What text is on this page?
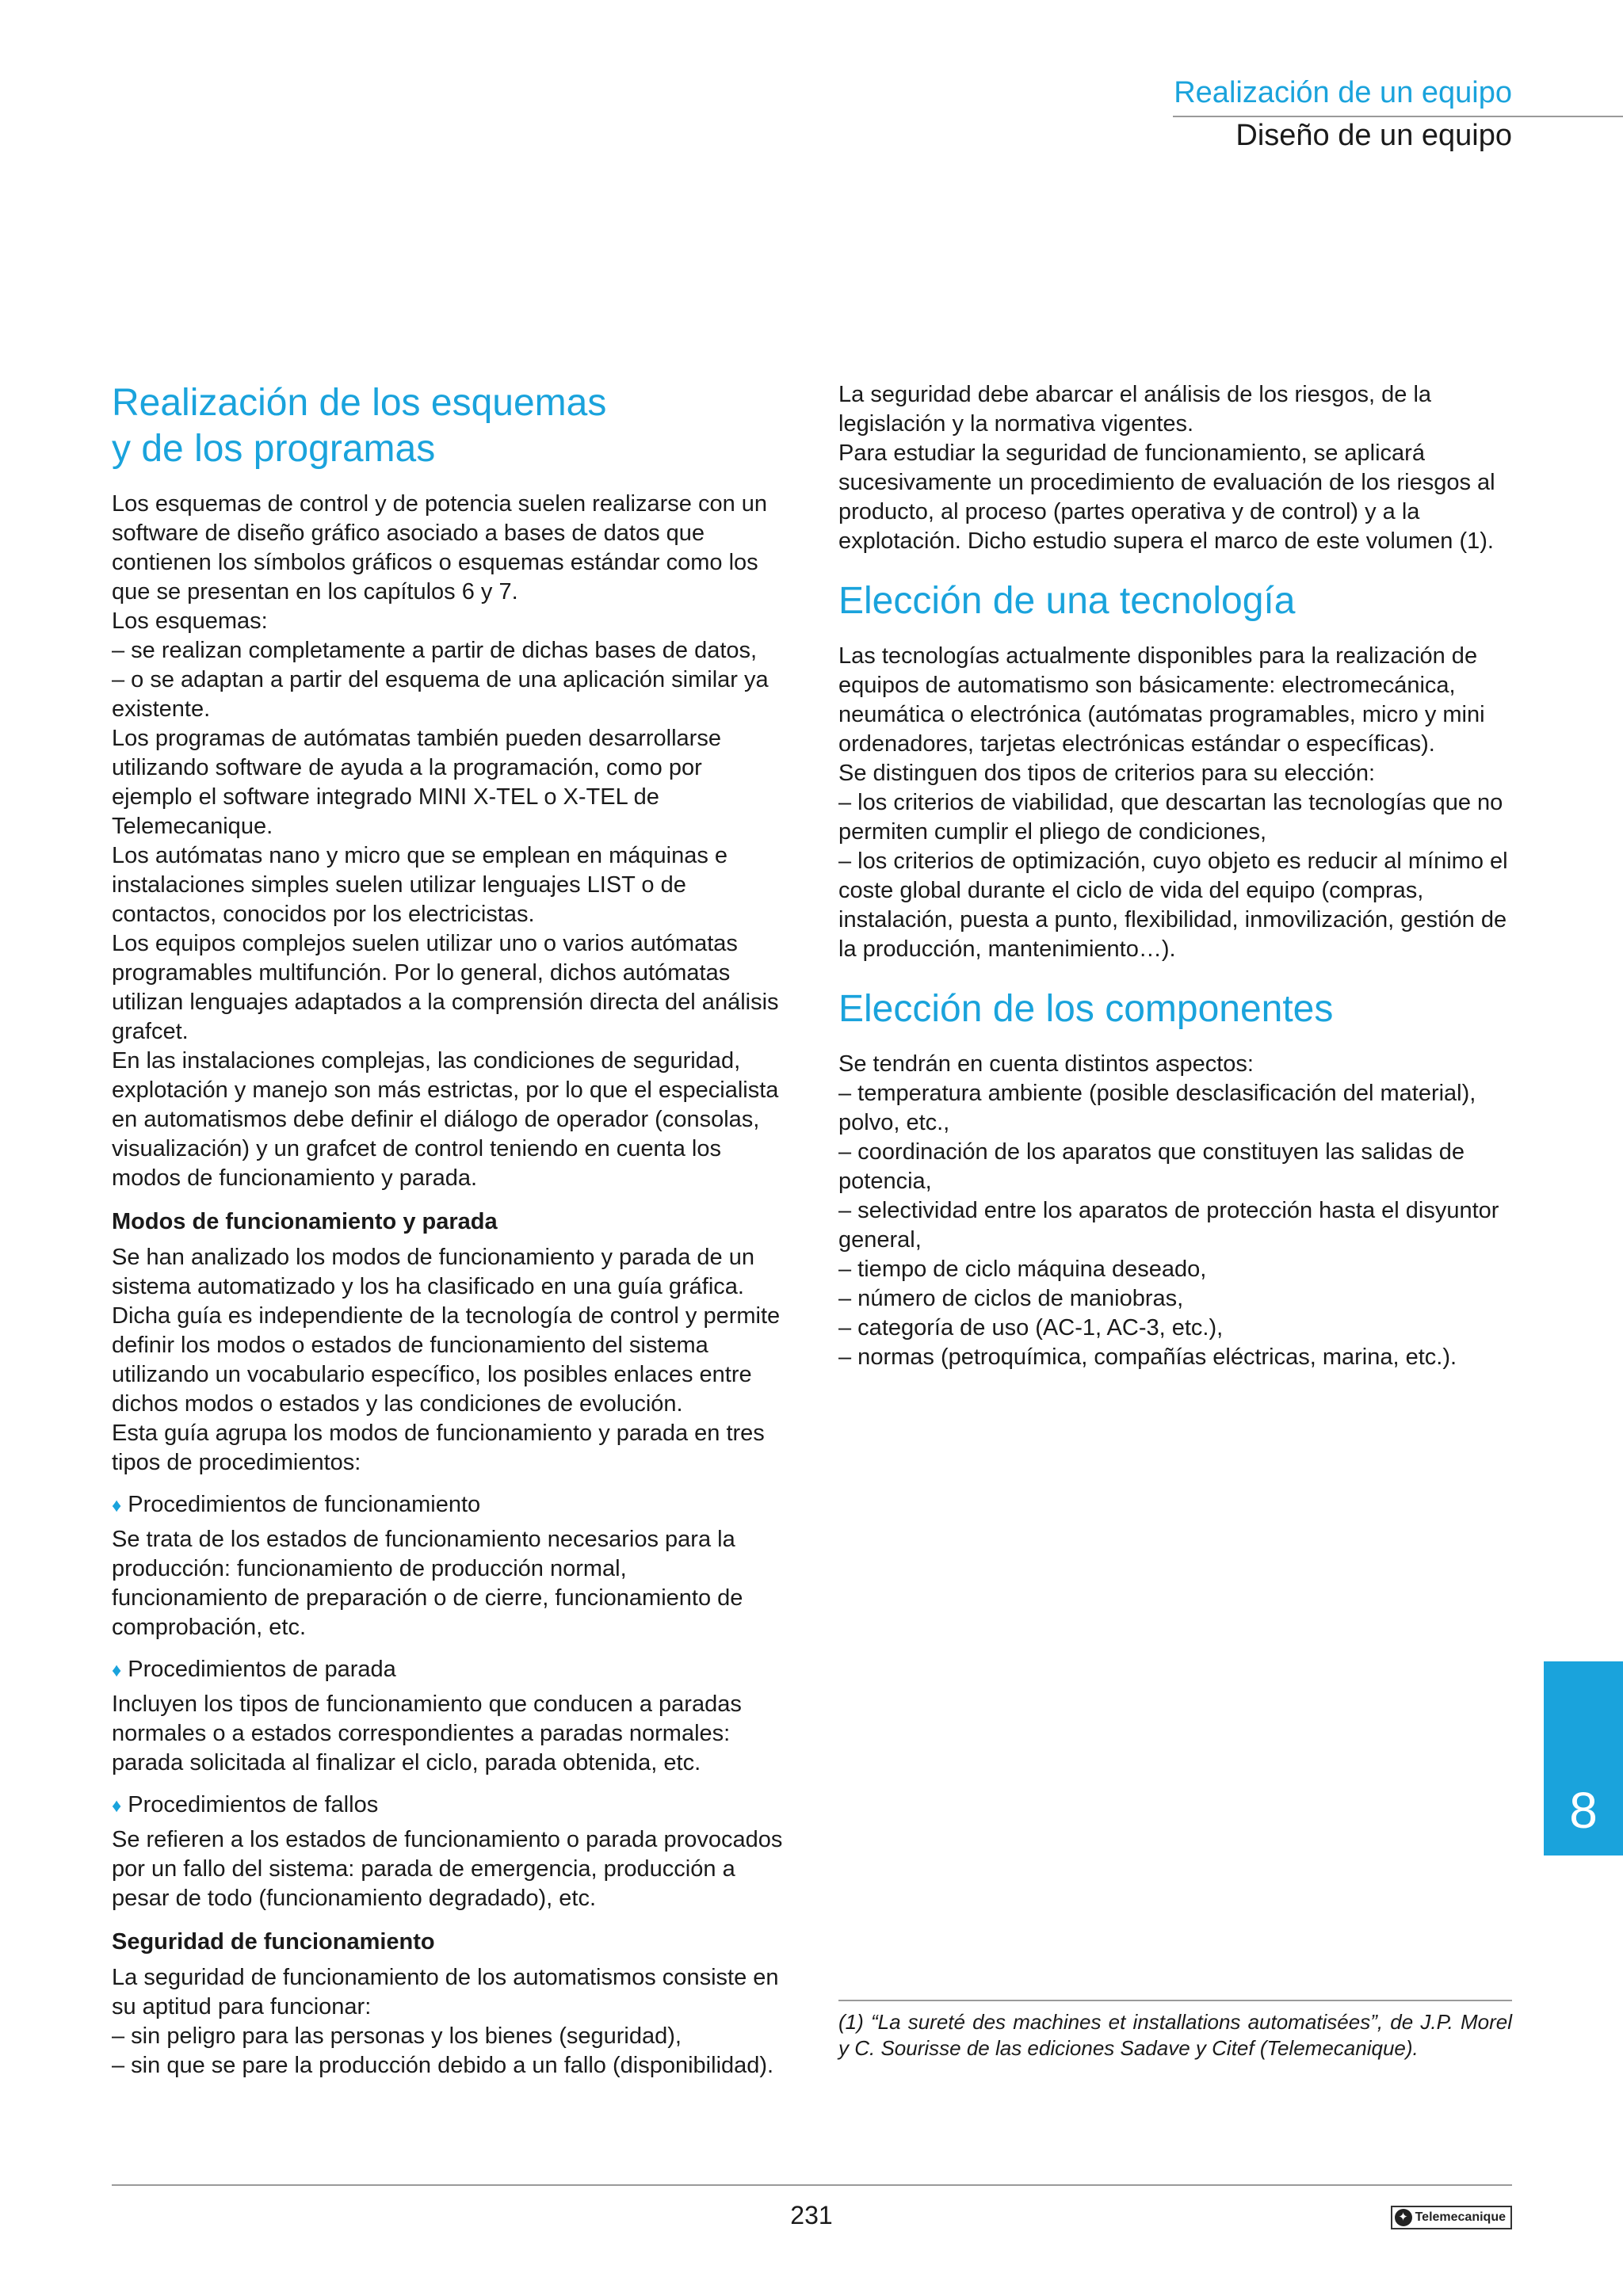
Realización de un equipo
Diseño de un equipo
Realización de los esquemas
y de los programas

Los esquemas de control y de potencia suelen realizarse con un software de diseño gráfico asociado a bases de datos que contienen los símbolos gráficos o esquemas estándar como los que se presentan en los capítulos 6 y 7.

Los esquemas:

– se realizan completamente a partir de dichas bases de datos,

– o se adaptan a partir del esquema de una aplicación similar ya existente.

Los programas de autómatas también pueden desarrollarse utilizando software de ayuda a la programación, como por ejemplo el software integrado MINI X-TEL o X-TEL de Telemecanique.

Los autómatas nano y micro que se emplean en máquinas e instalaciones simples suelen utilizar lenguajes LIST o de contactos, conocidos por los electricistas.

Los equipos complejos suelen utilizar uno o varios autómatas programables multifunción. Por lo general, dichos autómatas utilizan lenguajes adaptados a la comprensión directa del análisis grafcet.

En las instalaciones complejas, las condiciones de seguridad, explotación y manejo son más estrictas, por lo que el especialista en automatismos debe definir el diálogo de operador (consolas, visualización) y un grafcet de control teniendo en cuenta los modos de funcionamiento y parada.

Modos de funcionamiento y parada

Se han analizado los modos de funcionamiento y parada de un sistema automatizado y los ha clasificado en una guía gráfica. Dicha guía es independiente de la tecnología de control y permite definir los modos o estados de funcionamiento del sistema utilizando un vocabulario específico, los posibles enlaces entre dichos modos o estados y las condiciones de evolución.

Esta guía agrupa los modos de funcionamiento y parada en tres tipos de procedimientos:

♦ Procedimientos de funcionamiento

Se trata de los estados de funcionamiento necesarios para la producción: funcionamiento de producción normal, funcionamiento de preparación o de cierre, funcionamiento de comprobación, etc.

♦ Procedimientos de parada

Incluyen los tipos de funcionamiento que conducen a paradas normales o a estados correspondientes a paradas normales: parada solicitada al finalizar el ciclo, parada obtenida, etc.

♦ Procedimientos de fallos

Se refieren a los estados de funcionamiento o parada provocados por un fallo del sistema: parada de emergencia, producción a pesar de todo (funcionamiento degradado), etc.

Seguridad de funcionamiento

La seguridad de funcionamiento de los automatismos consiste en su aptitud para funcionar:

– sin peligro para las personas y los bienes (seguridad),

– sin que se pare la producción debido a un fallo (disponibilidad).

La seguridad debe abarcar el análisis de los riesgos, de la legislación y la normativa vigentes.

Para estudiar la seguridad de funcionamiento, se aplicará sucesivamente un procedimiento de evaluación de los riesgos al producto, al proceso (partes operativa y de control) y a la explotación. Dicho estudio supera el marco de este volumen (1).

Elección de una tecnología

Las tecnologías actualmente disponibles para la realización de equipos de automatismo son básicamente: electromecánica, neumática o electrónica (autómatas programables, micro y mini ordenadores, tarjetas electrónicas estándar o específicas).

Se distinguen dos tipos de criterios para su elección:

– los criterios de viabilidad, que descartan las tecnologías que no permiten cumplir el pliego de condiciones,

– los criterios de optimización, cuyo objeto es reducir al mínimo el coste global durante el ciclo de vida del equipo (compras, instalación, puesta a punto, flexibilidad, inmovilización, gestión de la producción, mantenimiento…).

Elección de los componentes

Se tendrán en cuenta distintos aspectos:

– temperatura ambiente (posible desclasificación del material), polvo, etc.,

– coordinación de los aparatos que constituyen las salidas de potencia,

– selectividad entre los aparatos de protección hasta el disyuntor general,

– tiempo de ciclo máquina deseado,

– número de ciclos de maniobras,

– categoría de uso (AC-1, AC-3, etc.),

– normas (petroquímica, compañías eléctricas, marina, etc.).

(1) “La sureté des machines et installations automatisées”, de J.P. Morel y C. Sourisse de las ediciones Sadave y Citef (Telemecanique).
8
231	✦ Telemecanique
